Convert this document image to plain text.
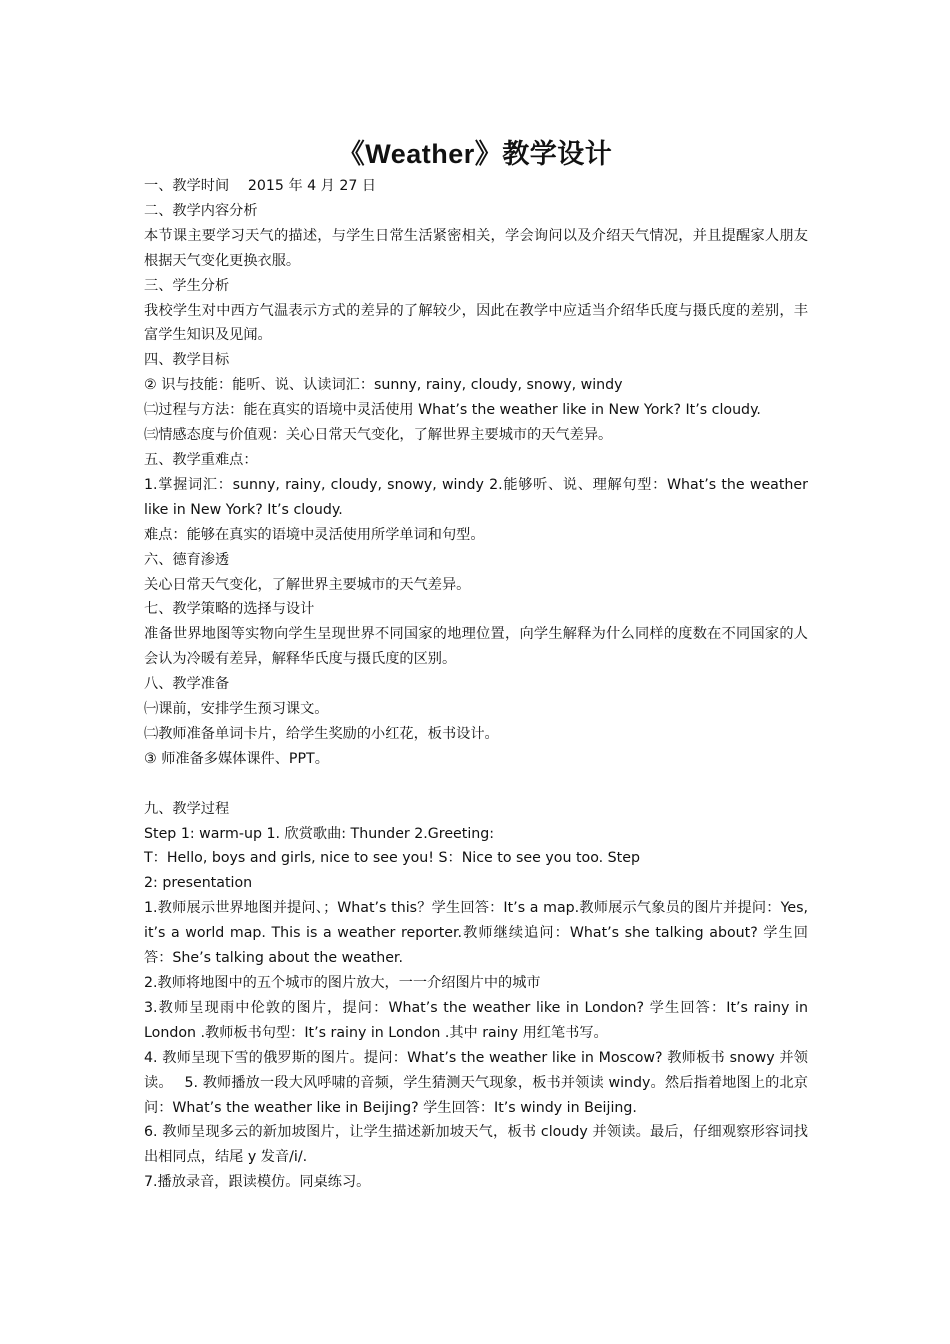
《Weather》教学设计

一、教学时间　 2015 年 4 月 27 日

二、教学内容分析

本节课主要学习天气的描述，与学生日常生活紧密相关，学会询问以及介绍天气情况，并且提醒家人朋友根据天气变化更换衣服。

三、学生分析

我校学生对中西方气温表示方式的差异的了解较少，因此在教学中应适当介绍华氏度与摄氏度的差别，丰富学生知识及见闻。

四、教学目标

② 识与技能：能听、说、认读词汇：sunny, rainy, cloudy, snowy, windy

㈡过程与方法：能在真实的语境中灵活使用 What’s the weather like in New York? It’s cloudy.

㈢情感态度与价值观：关心日常天气变化，了解世界主要城市的天气差异。

五、教学重难点：

1.掌握词汇：sunny, rainy, cloudy, snowy, windy 2.能够听、说、理解句型：What’s the weather like in New York? It’s cloudy.

难点：能够在真实的语境中灵活使用所学单词和句型。

六、德育渗透

关心日常天气变化，了解世界主要城市的天气差异。

七、教学策略的选择与设计

准备世界地图等实物向学生呈现世界不同国家的地理位置，向学生解释为什么同样的度数在不同国家的人会认为冷暖有差异，解释华氏度与摄氏度的区别。

八、教学准备

㈠课前，安排学生预习课文。

㈡教师准备单词卡片，给学生奖励的小红花，板书设计。

③ 师准备多媒体课件、PPT。

九、教学过程

Step 1: warm-up 1. 欣赏歌曲: Thunder 2.Greeting:

T：Hello, boys and girls, nice to see you! S：Nice to see you too. Step

2: presentation

1.教师展示世界地图并提问、；What’s this？学生回答：It’s a map.教师展示气象员的图片并提问：Yes, it’s a world map. This is a weather reporter.教师继续追问：What’s she talking about? 学生回答：She’s talking about the weather.

2.教师将地图中的五个城市的图片放大，一一介绍图片中的城市

3.教师呈现雨中伦敦的图片，提问：What’s the weather like in London? 学生回答：It’s rainy in London .教师板书句型：It’s rainy in London .其中 rainy 用红笔书写。

4. 教师呈现下雪的俄罗斯的图片。提问：What’s the weather like in Moscow? 教师板书 snowy 并领读。　 5. 教师播放一段大风呼啸的音频，学生猜测天气现象，板书并领读 windy。然后指着地图上的北京问：What’s the weather like in Beijing? 学生回答：It’s windy in Beijing.

6. 教师呈现多云的新加坡图片，让学生描述新加坡天气，板书 cloudy 并领读。最后，仔细观察形容词找出相同点，结尾 y 发音/i/.

7.播放录音，跟读模仿。同桌练习。
